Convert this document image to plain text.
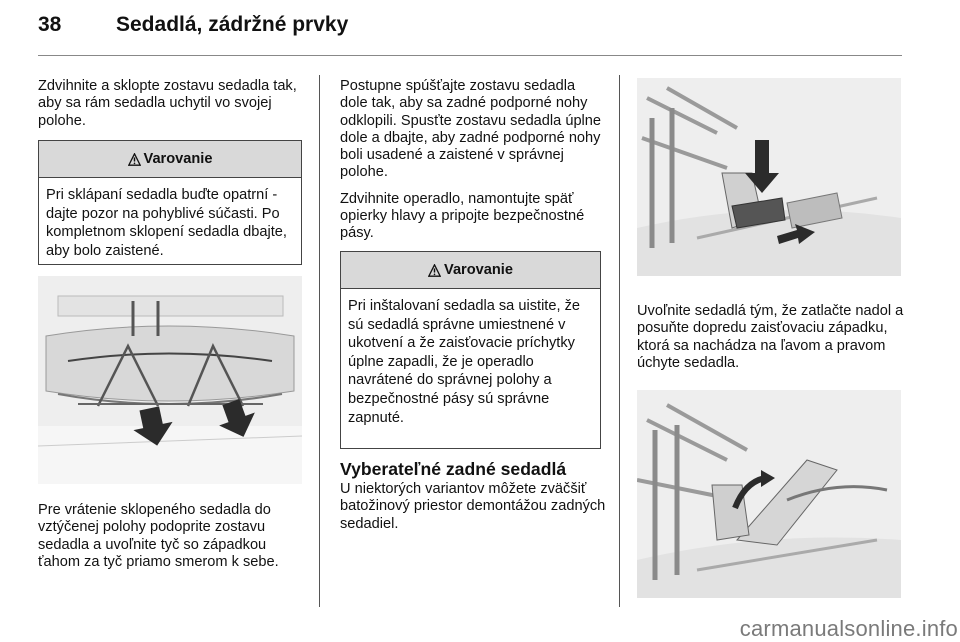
38	Sedadlá, zádržné prvky

Zdvihnite a sklopte zostavu sedadla tak, aby sa rám sedadla uchytil vo svojej polohe.

Varovanie
Pri sklápaní sedadla buďte opatrní - dajte pozor na pohyblivé súčasti. Po kompletnom sklopení sedadla dbajte, aby bolo zaistené.

Pre vrátenie sklopeného sedadla do vztýčenej polohy podoprite zostavu sedadla a uvoľnite tyč so západkou ťahom za tyč priamo smerom k sebe.

Postupne spúšťajte zostavu sedadla dole tak, aby sa zadné podporné nohy odklopili. Spusťte zostavu sedadla úplne dole a dbajte, aby zadné podporné nohy boli usadené a zaistené v správnej polohe.

Zdvihnite operadlo, namontujte späť opierky hlavy a pripojte bezpečnostné pásy.

Varovanie
Pri inštalovaní sedadla sa uistite, že sú sedadlá správne umiestnené v ukotvení a že zaisťovacie príchytky úplne zapadli, že je operadlo navrátené do správnej polohy a bezpečnostné pásy sú správne zapnuté.
Vyberateľné zadné sedadlá

U niektorých variantov môžete zväčšiť batožinový priestor demontážou zadných sedadiel.

Uvoľnite sedadlá tým, že zatlačte nadol a posuňte dopredu zaisťovaciu západku, ktorá sa nachádza na ľavom a pravom úchyte sedadla.

carmanualsonline.info
